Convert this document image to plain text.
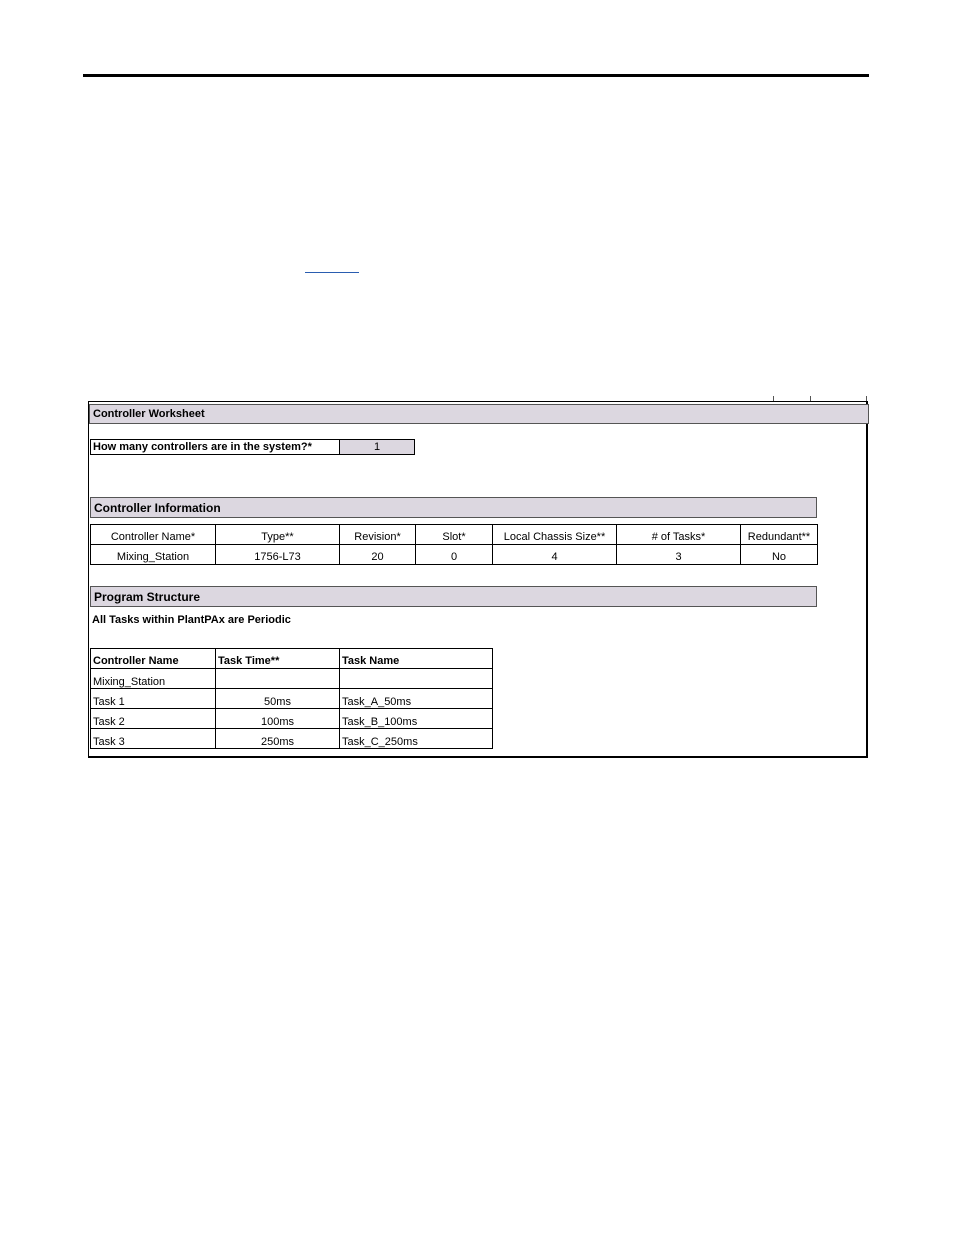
Controller Worksheet
How many controllers are in the system?*	1
Controller Information
Controller Name*	Type**	Revision*	Slot*	Local Chassis Size**	# of Tasks*	Redundant**
Mixing_Station	1756-L73	20	0	4	3	No
Program Structure
All Tasks within PlantPAx are Periodic
Controller Name	Task Time**	Task Name
Mixing_Station		
Task 1	50ms	Task_A_50ms
Task 2	100ms	Task_B_100ms
Task 3	250ms	Task_C_250ms
